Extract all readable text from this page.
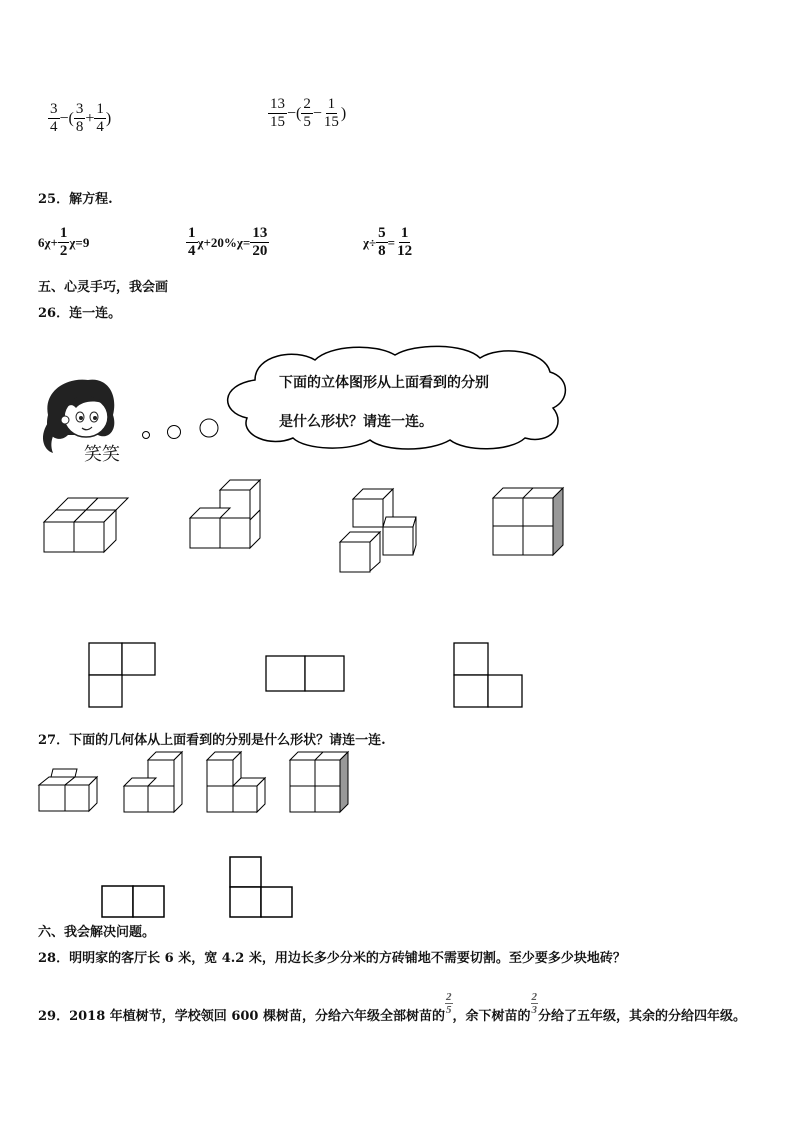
$\frac{3}{4}$ −( $\frac{3}{8} + \frac{1}{4}$ )	$\frac{13}{15}$ −( $\frac{2}{5} - \frac{1}{15}$ )
25．解方程.
$6\chi+ \frac{1}{2} \chi=9$	$\frac{1}{4} \chi+20\%\chi= \frac{13}{20}$	$\chi\div \frac{5}{8} = \frac{1}{12}$
五、心灵手巧，我会画
26．连一连。
笑笑
下面的立体图形从上面看到的分别
是什么形状？请连一连。
27．下面的几何体从上面看到的分别是什么形状？请连一连.
六、我会解决问题。
28．明明家的客厅长 6 米，宽 4.2 米，用边长多少分米的方砖铺地不需要切割。至少要多少块地砖？
29．2018 年植树节，学校领回 600 棵树苗，分给六年级全部树苗的
$\frac{2}{5}$
，余下树苗的
$\frac{2}{3}$
分给了五年级，其余的分给四年级。
